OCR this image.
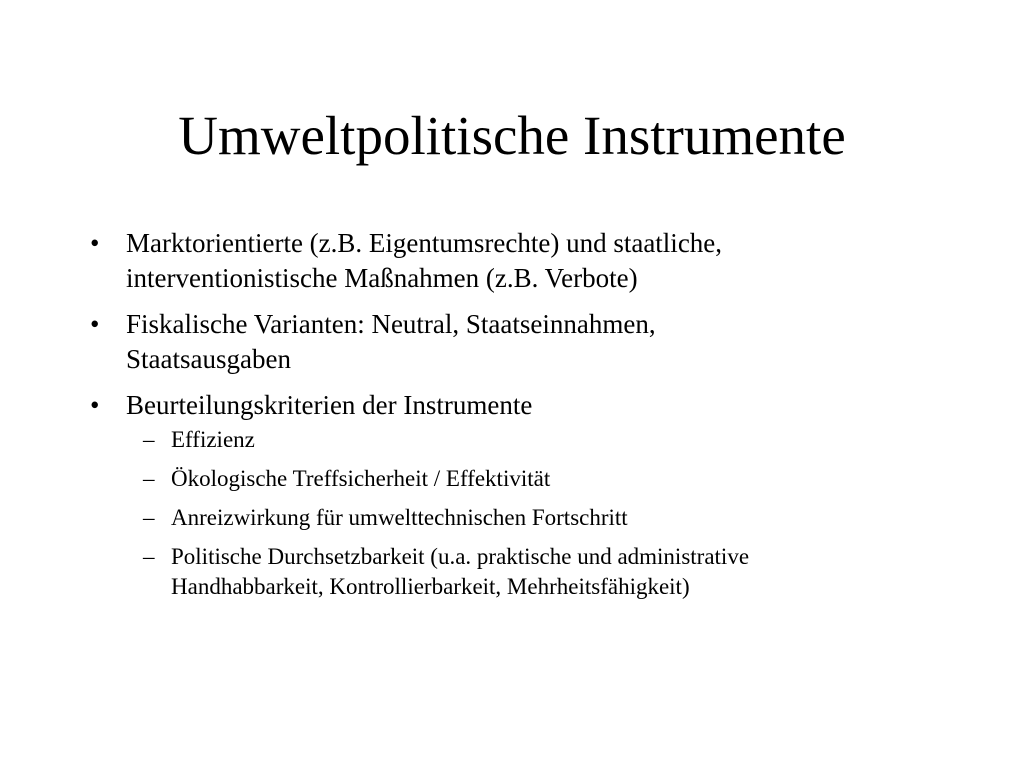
Umweltpolitische Instrumente
• Marktorientierte (z.B. Eigentumsrechte) und staatliche,
interventionistische Maßnahmen (z.B. Verbote)
• Fiskalische Varianten: Neutral, Staatseinnahmen,
Staatsausgaben
• Beurteilungskriterien der Instrumente
– Effizienz
– Ökologische Treffsicherheit / Effektivität
– Anreizwirkung für umwelttechnischen Fortschritt
– Politische Durchsetzbarkeit (u.a. praktische und administrative
Handhabbarkeit, Kontrollierbarkeit, Mehrheitsfähigkeit)
